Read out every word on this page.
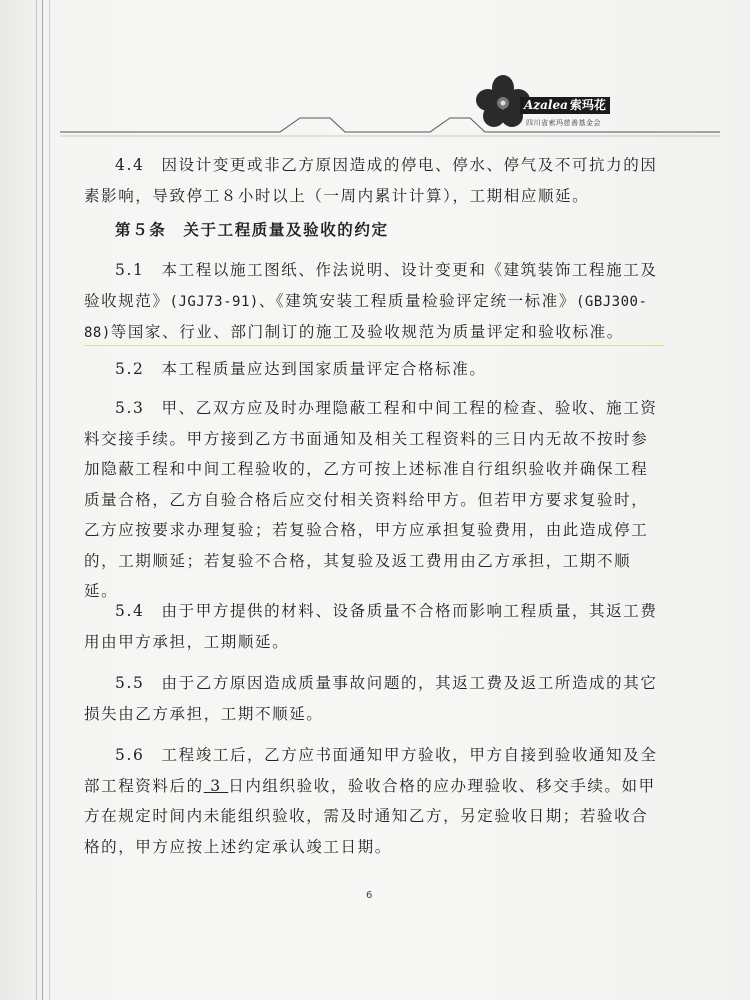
Azalea 索玛花
四川省索玛慈善基金会

4.4　因设计变更或非乙方原因造成的停电、停水、停气及不可抗力的因素影响，导致停工８小时以上（一周内累计计算），工期相应顺延。

第５条　关于工程质量及验收的约定

5.1　本工程以施工图纸、作法说明、设计变更和《建筑装饰工程施工及验收规范》(JGJ73-91)、《建筑安装工程质量检验评定统一标准》(GBJ300-88)等国家、行业、部门制订的施工及验收规范为质量评定和验收标准。

5.2　本工程质量应达到国家质量评定合格标准。

5.3　甲、乙双方应及时办理隐蔽工程和中间工程的检查、验收、施工资料交接手续。甲方接到乙方书面通知及相关工程资料的三日内无故不按时参加隐蔽工程和中间工程验收的，乙方可按上述标准自行组织验收并确保工程质量合格，乙方自验合格后应交付相关资料给甲方。但若甲方要求复验时，乙方应按要求办理复验；若复验合格，甲方应承担复验费用，由此造成停工的，工期顺延；若复验不合格，其复验及返工费用由乙方承担，工期不顺延。

5.4　由于甲方提供的材料、设备质量不合格而影响工程质量，其返工费用由甲方承担，工期顺延。

5.5　由于乙方原因造成质量事故问题的，其返工费及返工所造成的其它损失由乙方承担，工期不顺延。

5.6　工程竣工后，乙方应书面通知甲方验收，甲方自接到验收通知及全部工程资料后的 3 日内组织验收，验收合格的应办理验收、移交手续。如甲方在规定时间内未能组织验收，需及时通知乙方，另定验收日期；若验收合格的，甲方应按上述约定承认竣工日期。

6
